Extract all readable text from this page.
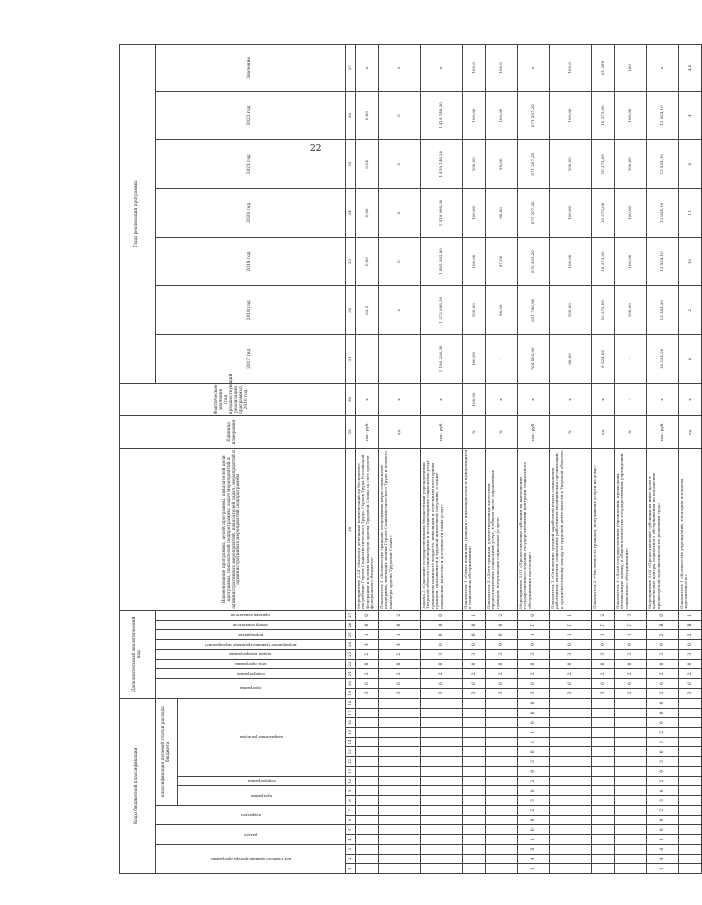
22
Коды бюджетной классификации																		Дополнительный аналитический код									Наименование программы, целей программы, показателей цели программы, показателей подпрограммы, задач мероприятий и административных мероприятий, показателей задач, мероприятий и административных мероприятий подпрограммы	Единица измерения	Фактическое значение (год предшествующий реализации программы), 2016 год	Годы реализации программы						

код главного администратора программы			раздел		подраздел		классификация целевой статьи расхода бюджета											программа		подпрограмма	цель программы	задача подпрограммы	мероприятие (административное мероприятие)	мероприятие	номер показателя	признак показателя				2017 год	2018 год	2019 год	2020 год	2021 год	2022 год	Значение

							программа		подпрограмма	направление расходов																										

1	2	3	4	5	6	7	8	9	10	11	12	13	14	15	16	17	18	19	20	21	22	23	24	25	26	27	28	29	30	31	32	33	34	35	36	37
																		3	6	2	0	2	4	1	0	0	Мероприятие 2.24 «Выплата денежных компенсаций на бесплатное погребение Героев Социалистического Труда, Героев Труда Российской Федерации и полных кавалеров ордена Трудовой Славы за счет средств федерального бюджета»	тыс. руб.	х		62,5	0,00	0,00	0,00	0,00	х
																		3	6	2	0	2	4	1	0	2	Показатель 1 «Количество граждан, получивших меры социальной поддержки, имеющих звания Героев Социалистического Труда и полного кавалера ордена Трудовой Славы»	ед.	х		2	0	0	0	0	2
																		3	6	2	0	3	0	0	0	0	Задача 3 «Оказание государственными бюджетными учреждениями Тверской области стационарных и нестационарных социальных услуг гражданам пожилого возраста, инвалидам и отдельным категориям граждан, оказавшихся в трудной жизненной ситуации, а также повышение качества и доступности таких услуг»	тыс. руб.	х	1 180 226,50	1 372 898,30	1 405 382,80	1 419 999,30	1 419 148,30	1 419 148,30	х
																		3	6	2	0	3	0	0	0	1	Показатель 1 «Охват пожилых, граждан с инвалидностью и нуждающихся в социальном обслуживании»	%	100,00	100,00	100,00	100,00	100,00	100,00	100,00	100,0
																		3	6	2	0	3	0	0	0	2	Показатель 2 «Доля граждан, удовлетворенных качеством предоставляемых социальных услуг, в общем числе опрошенных граждан, получающих социальные услуги»	%	х	-	96,00	97,00	98,00	99,00	100,00	100,0
1	4	8	1	0	0	2	3	6	2	0	3	0	1	1	0	0	0	3	6	2	0	3	0	1	Г	0	Мероприятие 3.01 «Предоставление субсидии на выполнение государственного задания государственными центрами социального обслуживания населения»	тыс. руб.	х	704 485,00	851 790,90	870 205,20	871 207,20	871 207,20	871 207,20	х
																		3	6	2	0	3	0	1	Г	1	Показатель 1 «Отношение средней заработной платы социальных работников, включая социальных работников медицинских организаций, к среднемесячному доходу от трудовой деятельности в Тверской области»	%	х	80,00	100,00	100,00	100,00	100,00	100,00	100,0
																		3	6	2	0	3	0	1	Г	2	Показатель 2 «Численность граждан, получивших услуги на дому»	ед.	х	9 524,00	10 375,00	10 375,00	10 375,00	10 375,00	10 375,00	61 399
																		3	6	2	0	3	0	1	Г	3	Показатель 3 «Доля государственных учреждений, прошедших независимую оценку, в общем количестве государственных учреждений социального обслуживания»	%	-	-	100,00	100,00	100,00	100,00	100,00	100
1	4	8	1	0	0	2	3	6	2	0	3	0	1	2	0	0	0	3	6	2	0	3	0	2	В	0	Мероприятие 3.02 «Предоставление субсидии на иные цели в комплексные центры социального обслуживания на погашение кредиторской задолженности по решениям суда»	тыс. руб.	х	16 334,20	13 584,20	13 954,10	13 954,10	13 954,10	13 954,10	х
																		3	6	2	0	3	0	2	В	1	Показатель 1 «Количество учреждений, в которых погашена задолженность»	ед.	х	6	2	10	11	4	4	4,0
